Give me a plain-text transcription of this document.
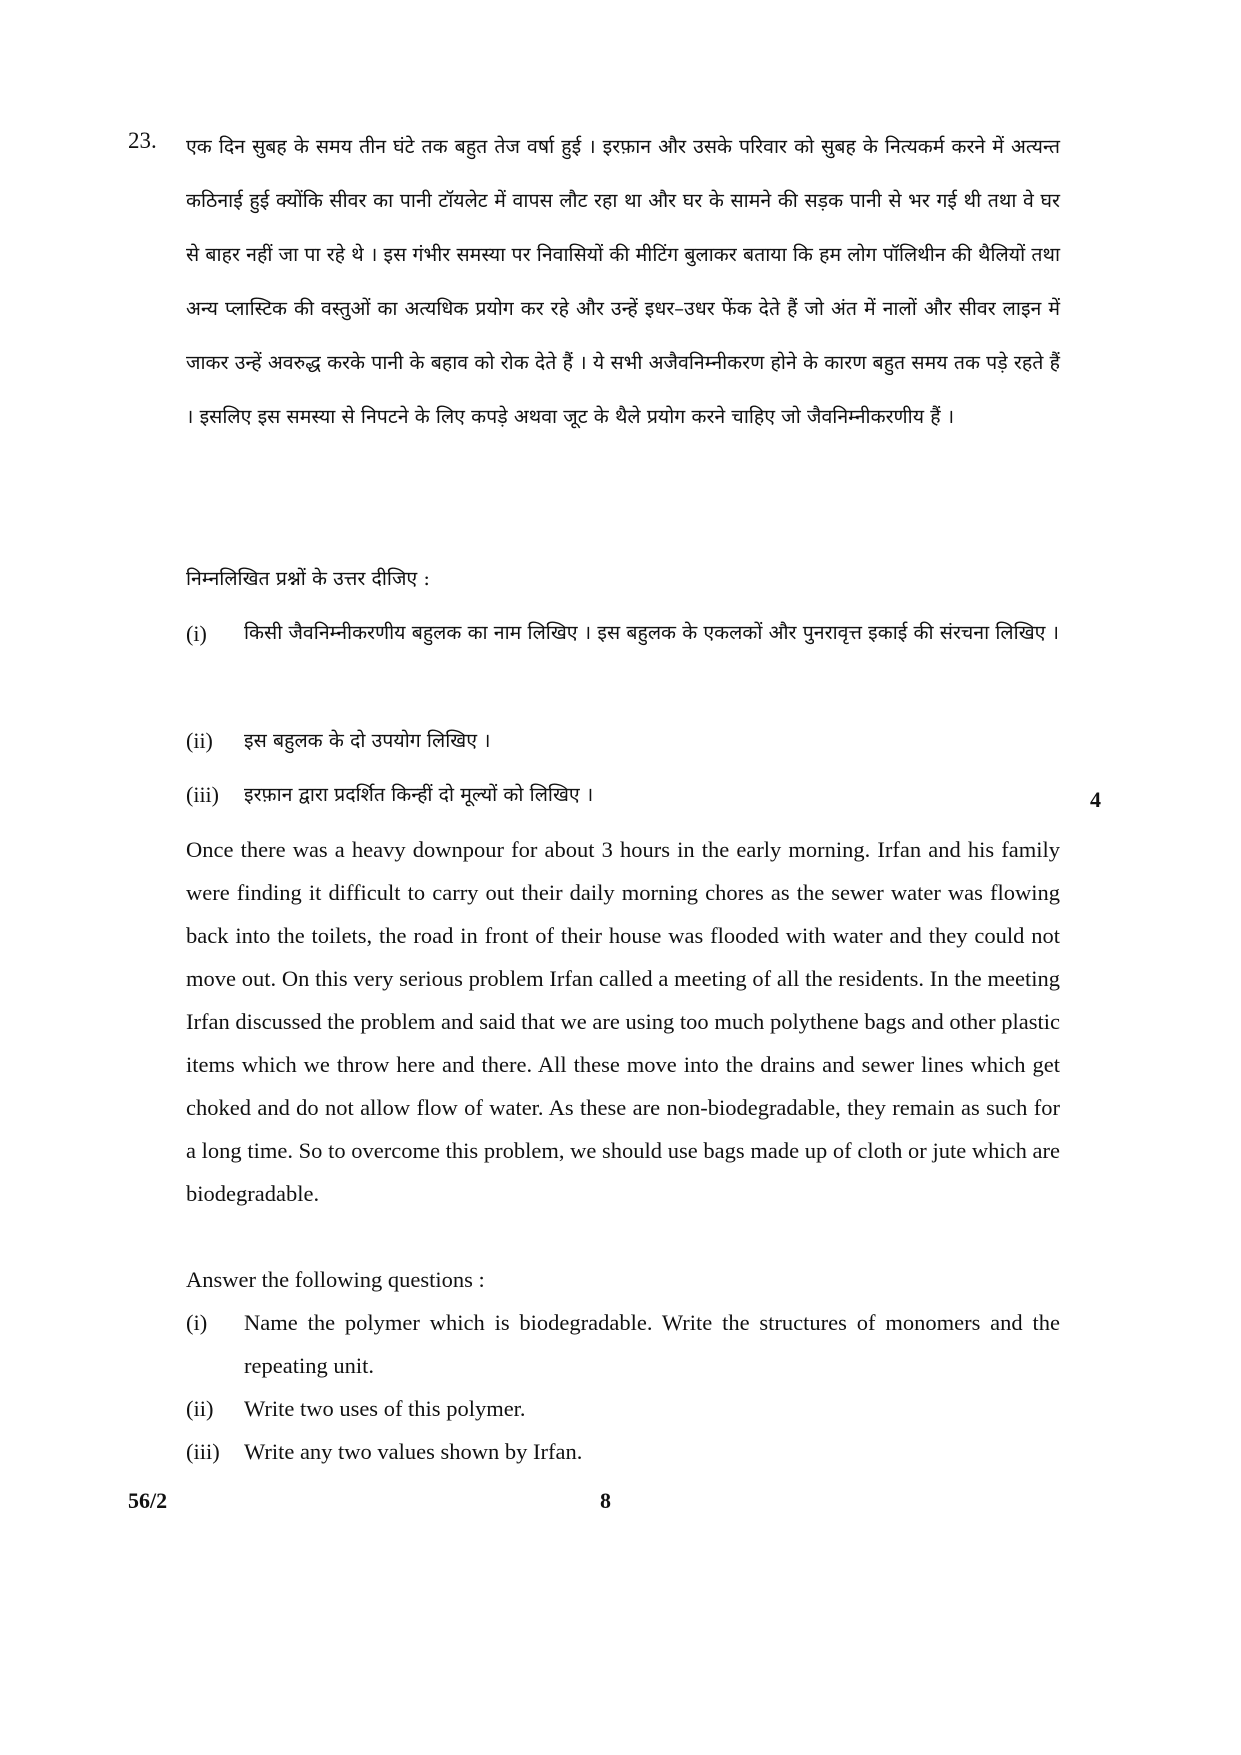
23. एक दिन सुबह के समय तीन घंटे तक बहुत तेज वर्षा हुई । इरफ़ान और उसके परिवार को सुबह के नित्यकर्म करने में अत्यन्त कठिनाई हुई क्योंकि सीवर का पानी टॉयलेट में वापस लौट रहा था और घर के सामने की सड़क पानी से भर गई थी तथा वे घर से बाहर नहीं जा पा रहे थे । इस गंभीर समस्या पर निवासियों की मीटिंग बुलाकर बताया कि हम लोग पॉलिथीन की थैलियों तथा अन्य प्लास्टिक की वस्तुओं का अत्यधिक प्रयोग कर रहे और उन्हें इधर–उधर फेंक देते हैं जो अंत में नालों और सीवर लाइन में जाकर उन्हें अवरुद्ध करके पानी के बहाव को रोक देते हैं । ये सभी अजैवनिम्नीकरण होने के कारण बहुत समय तक पड़े रहते हैं । इसलिए इस समस्या से निपटने के लिए कपड़े अथवा जूट के थैले प्रयोग करने चाहिए जो जैवनिम्नीकरणीय हैं ।

निम्नलिखित प्रश्नों के उत्तर दीजिए :

(i) किसी जैवनिम्नीकरणीय बहुलक का नाम लिखिए । इस बहुलक के एकलकों और पुनरावृत्त इकाई की संरचना लिखिए ।
(ii) इस बहुलक के दो उपयोग लिखिए ।
(iii) इरफ़ान द्वारा प्रदर्शित किन्हीं दो मूल्यों को लिखिए ।	4

Once there was a heavy downpour for about 3 hours in the early morning. Irfan and his family were finding it difficult to carry out their daily morning chores as the sewer water was flowing back into the toilets, the road in front of their house was flooded with water and they could not move out. On this very serious problem Irfan called a meeting of all the residents. In the meeting Irfan discussed the problem and said that we are using too much polythene bags and other plastic items which we throw here and there. All these move into the drains and sewer lines which get choked and do not allow flow of water. As these are non-biodegradable, they remain as such for a long time. So to overcome this problem, we should use bags made up of cloth or jute which are biodegradable.

Answer the following questions :

(i) Name the polymer which is biodegradable. Write the structures of monomers and the repeating unit.
(ii) Write two uses of this polymer.
(iii) Write any two values shown by Irfan.
56/2	8
